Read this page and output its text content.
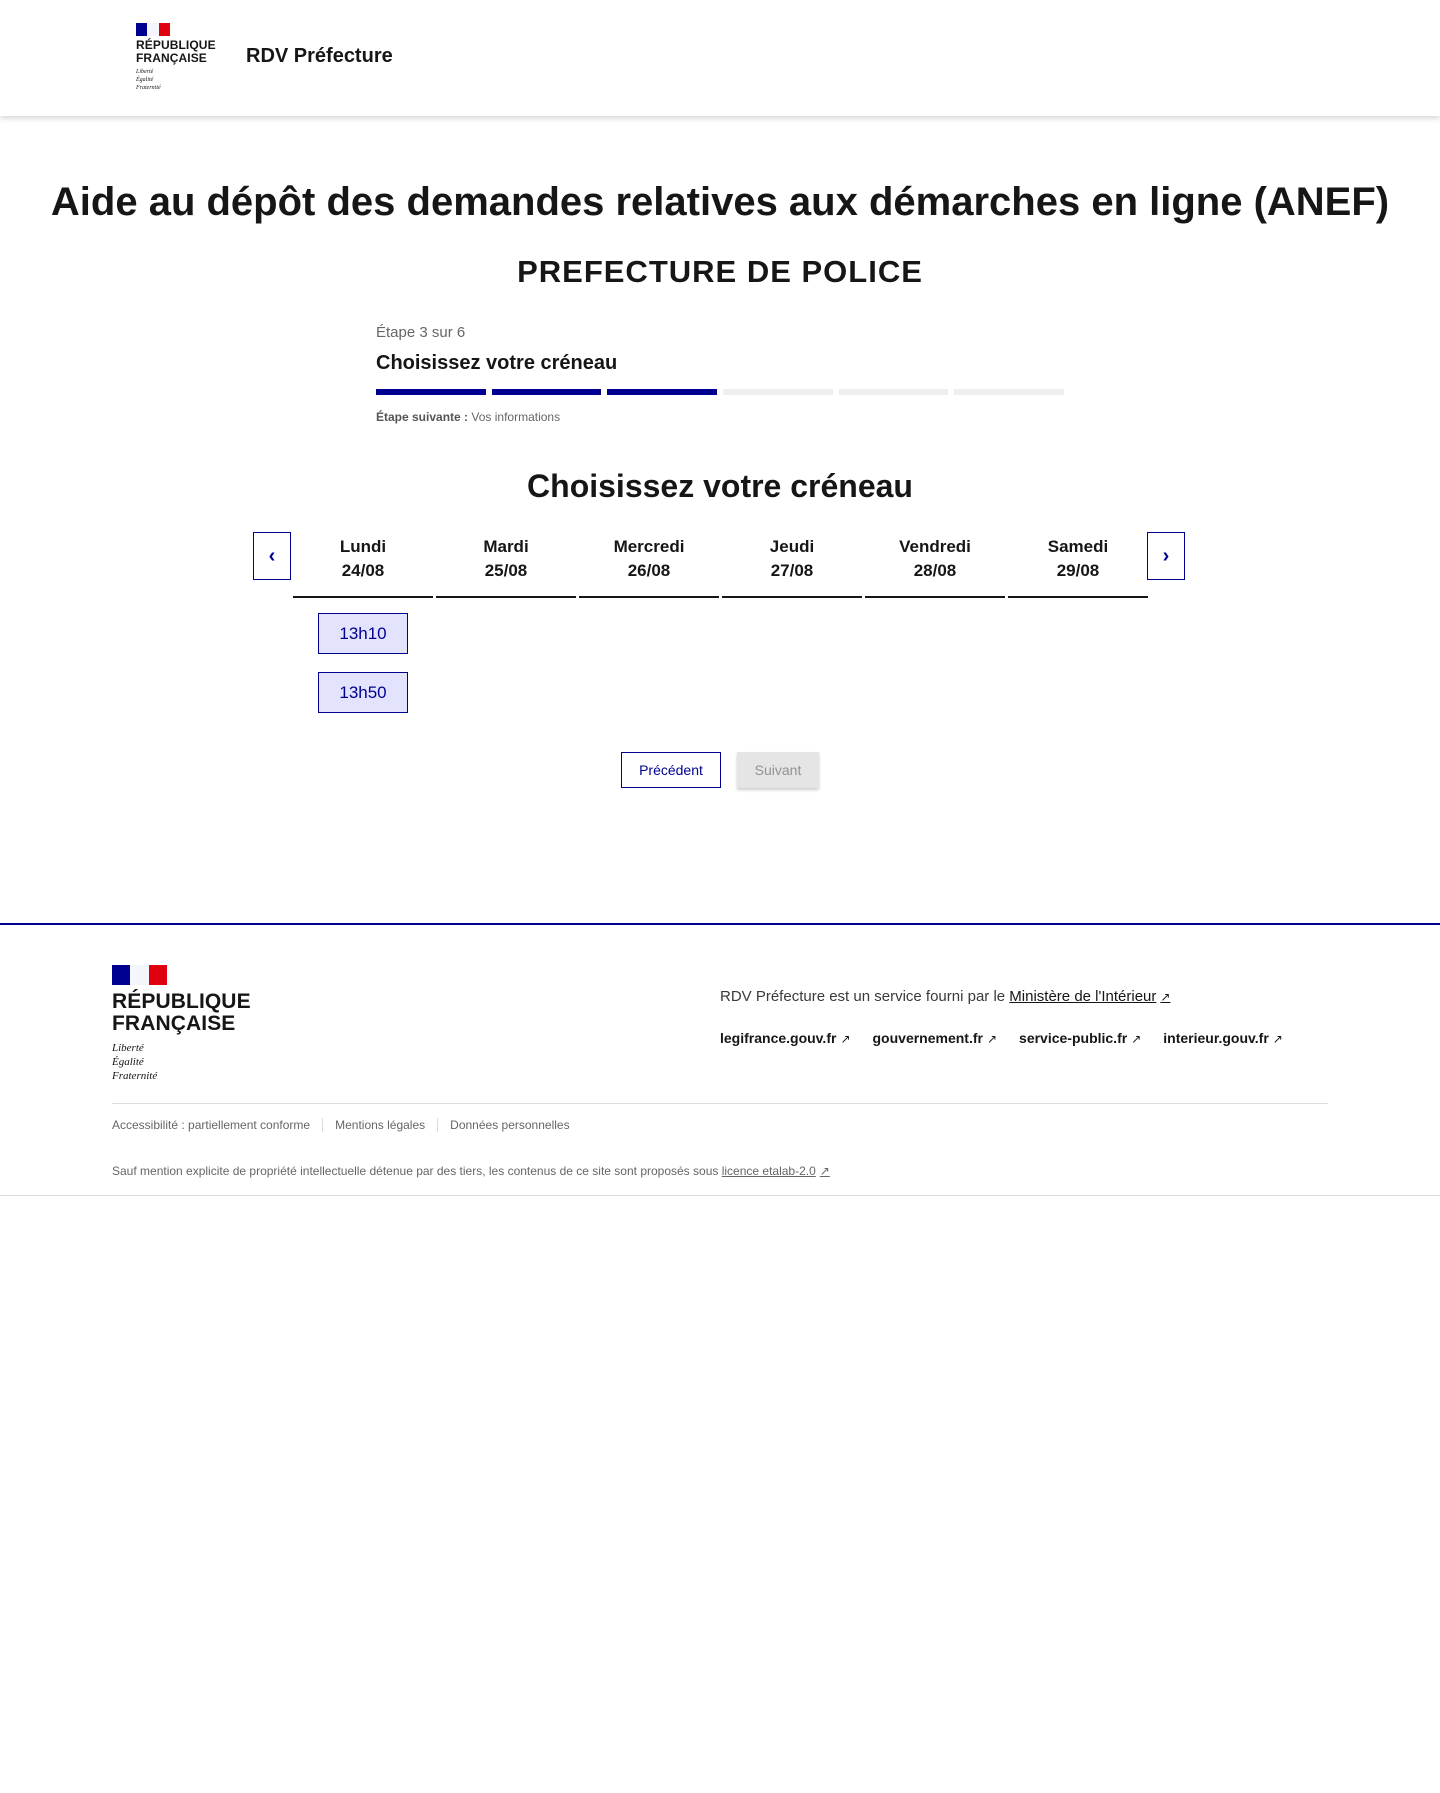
RÉPUBLIQUE
FRANÇAISE
Liberté
Égalité
Fraternité
RDV Préfecture
Aide au dépôt des demandes relatives aux démarches en ligne (ANEF)
PREFECTURE DE POLICE
Étape 3 sur 6
Choisissez votre créneau
Étape suivante : Vos informations
Choisissez votre créneau
‹	›
Lundi
24/08
13h10
13h50
Mardi
25/08
Mercredi
26/08
Jeudi
27/08
Vendredi
28/08
Samedi
29/08
Précédent	Suivant
RÉPUBLIQUE
FRANÇAISE
Liberté
Égalité
Fraternité
RDV Préfecture est un service fourni par le Ministère de l'Intérieur ↗
legifrance.gouv.fr ↗ gouvernement.fr ↗ service-public.fr ↗ interieur.gouv.fr ↗
Accessibilité : partiellement conforme	Mentions légales	Données personnelles
Sauf mention explicite de propriété intellectuelle détenue par des tiers, les contenus de ce site sont proposés sous licence etalab-2.0 ↗
